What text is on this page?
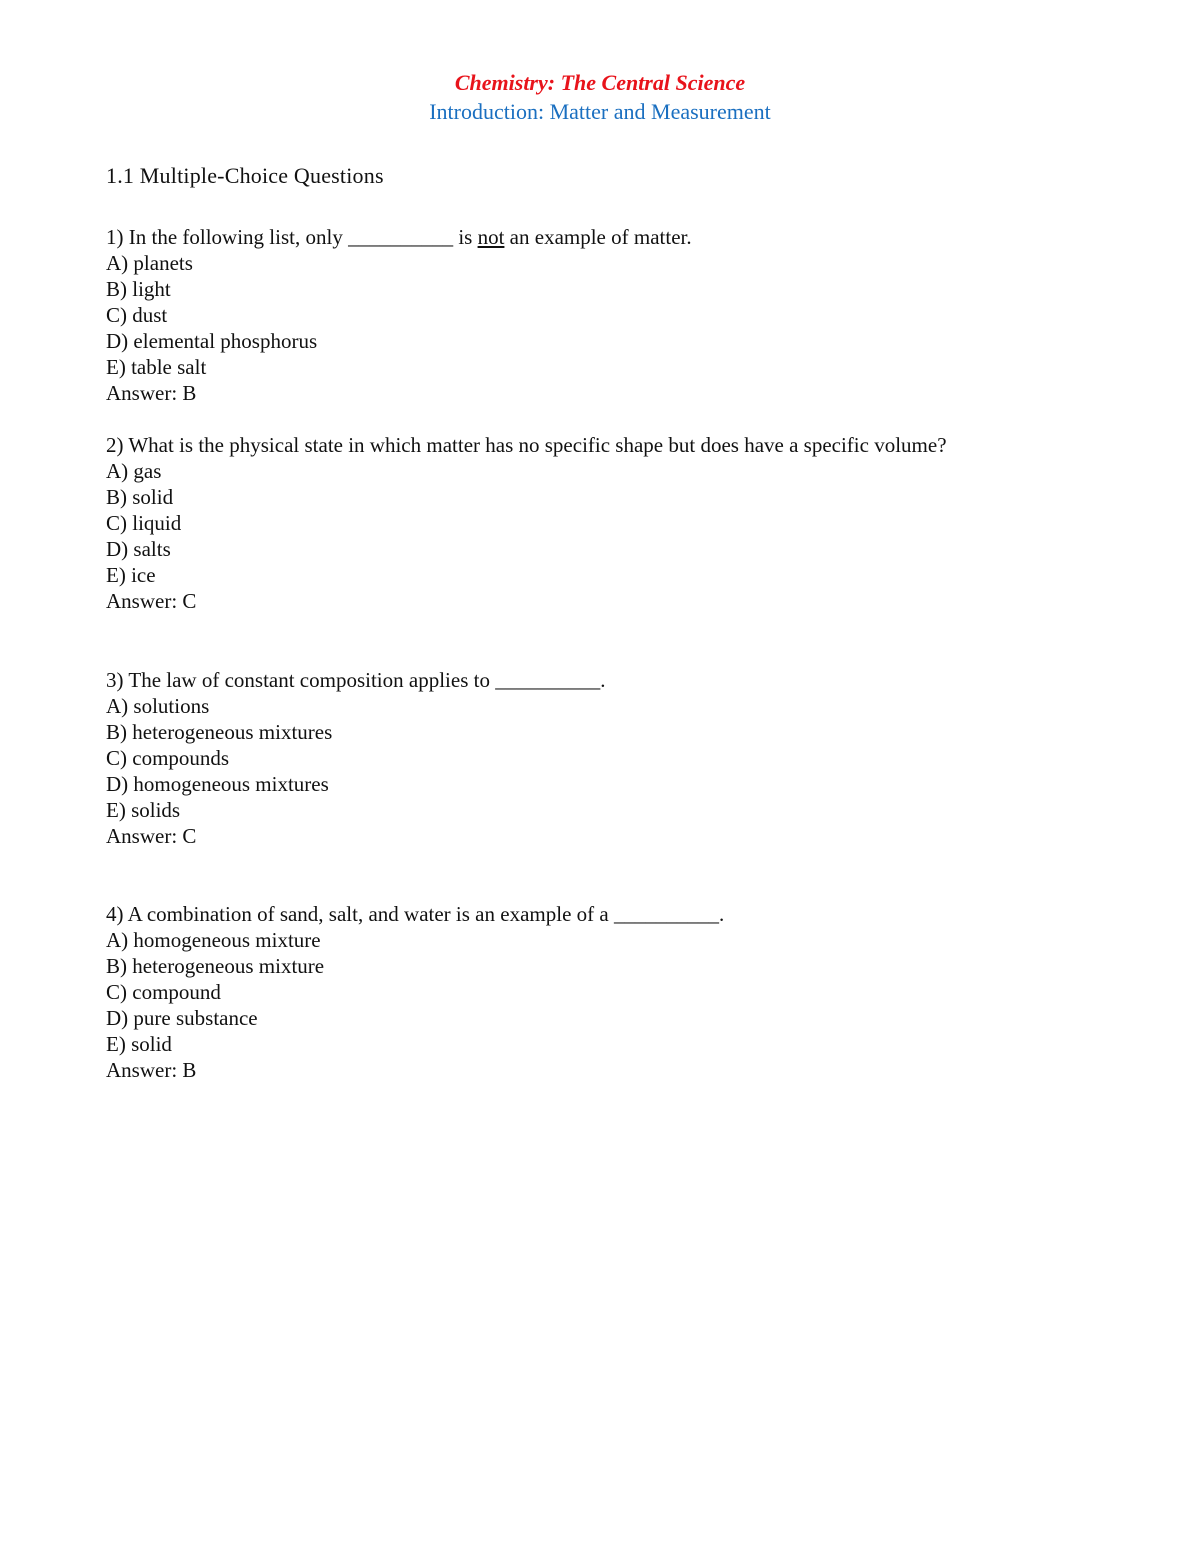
Chemistry: The Central Science
Introduction: Matter and Measurement
1.1 Multiple-Choice Questions
1) In the following list, only __________ is not an example of matter.
A) planets
B) light
C) dust
D) elemental phosphorus
E) table salt
Answer: B
2) What is the physical state in which matter has no specific shape but does have a specific volume?
A) gas
B) solid
C) liquid
D) salts
E) ice
Answer: C
3) The law of constant composition applies to __________.
A) solutions
B) heterogeneous mixtures
C) compounds
D) homogeneous mixtures
E) solids
Answer: C
4) A combination of sand, salt, and water is an example of a __________.
A) homogeneous mixture
B) heterogeneous mixture
C) compound
D) pure substance
E) solid
Answer: B
